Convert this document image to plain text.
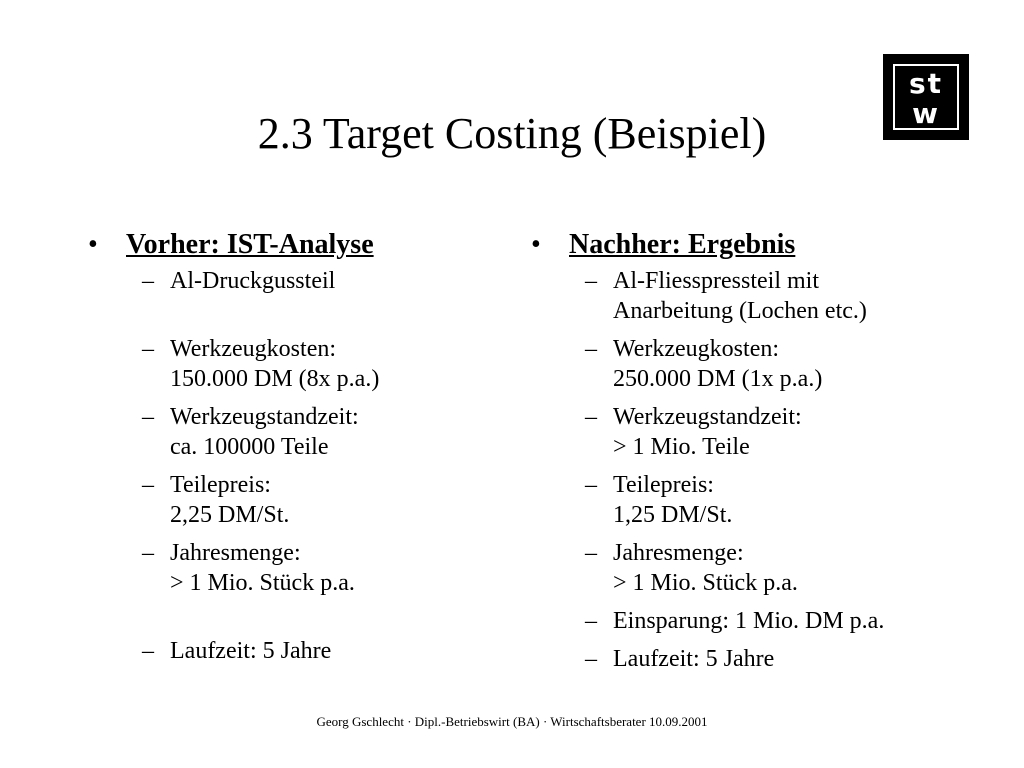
2.3 Target Costing (Beispiel)
st
w
• Vorher: IST-Analyse
– Al-Druckgussteil
– Werkzeugkosten:
150.000 DM (8x p.a.)
– Werkzeugstandzeit:
ca. 100000 Teile
– Teilepreis:
2,25 DM/St.
– Jahresmenge:
> 1 Mio. Stück p.a.
– Laufzeit: 5 Jahre
• Nachher: Ergebnis
– Al-Fliesspressteil mit
Anarbeitung (Lochen etc.)
– Werkzeugkosten:
250.000 DM (1x p.a.)
– Werkzeugstandzeit:
> 1 Mio. Teile
– Teilepreis:
1,25 DM/St.
– Jahresmenge:
> 1 Mio. Stück p.a.
– Einsparung: 1 Mio. DM p.a.
– Laufzeit: 5 Jahre
Georg Gschlecht · Dipl.-Betriebswirt (BA) · Wirtschaftsberater 10.09.2001
